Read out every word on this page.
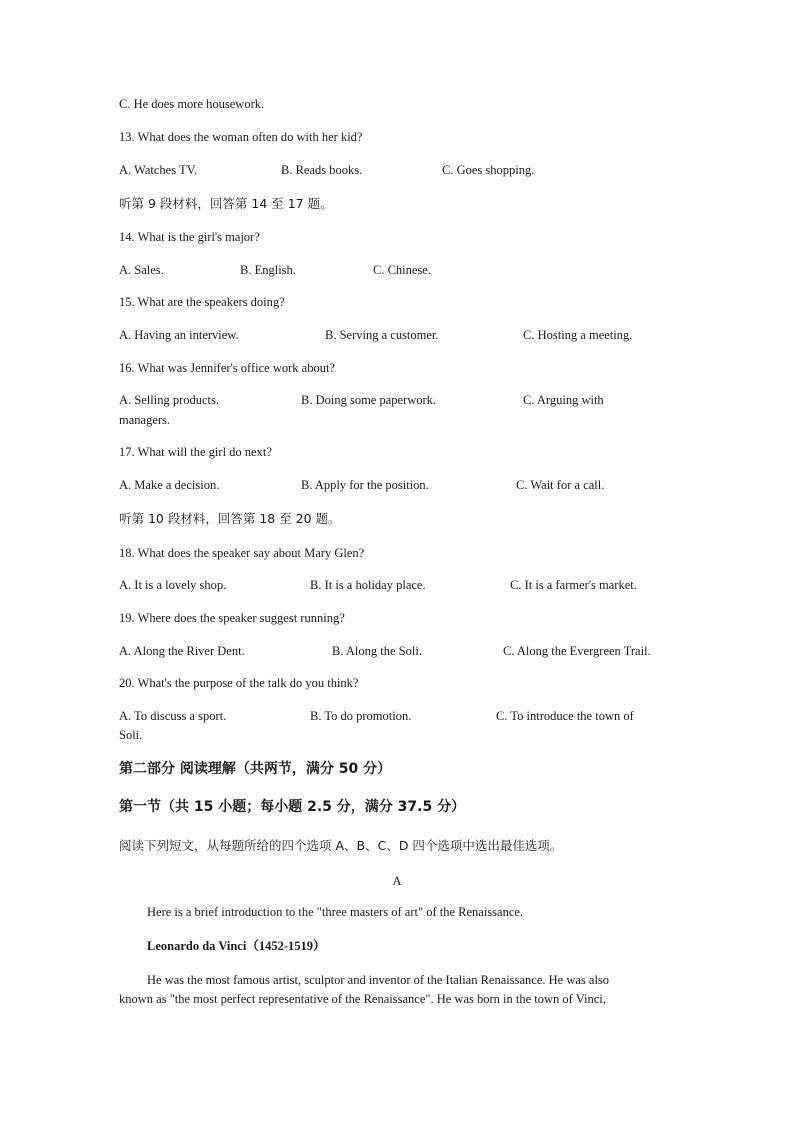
C. He does more housework.
13. What does the woman often do with her kid?
A. Watches TV.	B. Reads books.	C. Goes shopping.
听第 9 段材料，回答第 14 至 17 题。
14. What is the girl's major?
A. Sales.	B. English.	C. Chinese.
15. What are the speakers doing?
A. Having an interview.	B. Serving a customer.	C. Hosting a meeting.
16. What was Jennifer's office work about?
A. Selling products.	B. Doing some paperwork.	C. Arguing with
managers.
17. What will the girl do next?
A. Make a decision.	B. Apply for the position.	C. Wait for a call.
听第 10 段材料，回答第 18 至 20 题。
18. What does the speaker say about Mary Glen?
A. It is a lovely shop.	B. It is a holiday place.	C. It is a farmer's market.
19. Where does the speaker suggest running?
A. Along the River Dent.	B. Along the Soli.	C. Along the Evergreen Trail.
20. What's the purpose of the talk do you think?
A. To discuss a sport.	B. To do promotion.	C. To introduce the town of
Soli.
第二部分 阅读理解（共两节，满分 50 分）
第一节（共 15 小题；每小题 2.5 分，满分 37.5 分）
阅读下列短文，从每题所给的四个选项 A、B、C、D 四个选项中选出最佳选项。
A
Here is a brief introduction to the "three masters of art" of the Renaissance.
Leonardo da Vinci（1452-1519）
He was the most famous artist, sculptor and inventor of the Italian Renaissance. He was also
known as "the most perfect representative of the Renaissance". He was born in the town of Vinci,
